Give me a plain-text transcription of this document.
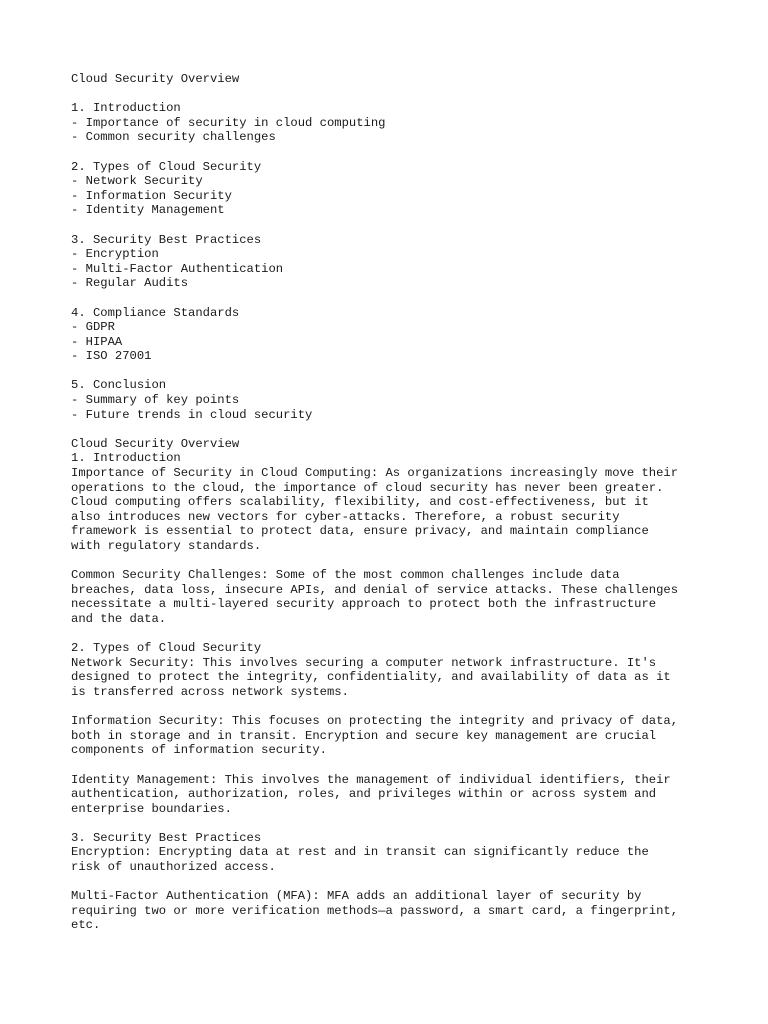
Cloud Security Overview
1. Introduction
- Importance of security in cloud computing
- Common security challenges
2. Types of Cloud Security
- Network Security
- Information Security
- Identity Management
3. Security Best Practices
- Encryption
- Multi-Factor Authentication
- Regular Audits
4. Compliance Standards
- GDPR
- HIPAA
- ISO 27001
5. Conclusion
- Summary of key points
- Future trends in cloud security
Cloud Security Overview
1. Introduction
Importance of Security in Cloud Computing: As organizations increasingly move their
operations to the cloud, the importance of cloud security has never been greater.
Cloud computing offers scalability, flexibility, and cost-effectiveness, but it
also introduces new vectors for cyber-attacks. Therefore, a robust security
framework is essential to protect data, ensure privacy, and maintain compliance
with regulatory standards.
Common Security Challenges: Some of the most common challenges include data
breaches, data loss, insecure APIs, and denial of service attacks. These challenges
necessitate a multi-layered security approach to protect both the infrastructure
and the data.
2. Types of Cloud Security
Network Security: This involves securing a computer network infrastructure. It's
designed to protect the integrity, confidentiality, and availability of data as it
is transferred across network systems.
Information Security: This focuses on protecting the integrity and privacy of data,
both in storage and in transit. Encryption and secure key management are crucial
components of information security.
Identity Management: This involves the management of individual identifiers, their
authentication, authorization, roles, and privileges within or across system and
enterprise boundaries.
3. Security Best Practices
Encryption: Encrypting data at rest and in transit can significantly reduce the
risk of unauthorized access.
Multi-Factor Authentication (MFA): MFA adds an additional layer of security by
requiring two or more verification methods—a password, a smart card, a fingerprint,
etc.
